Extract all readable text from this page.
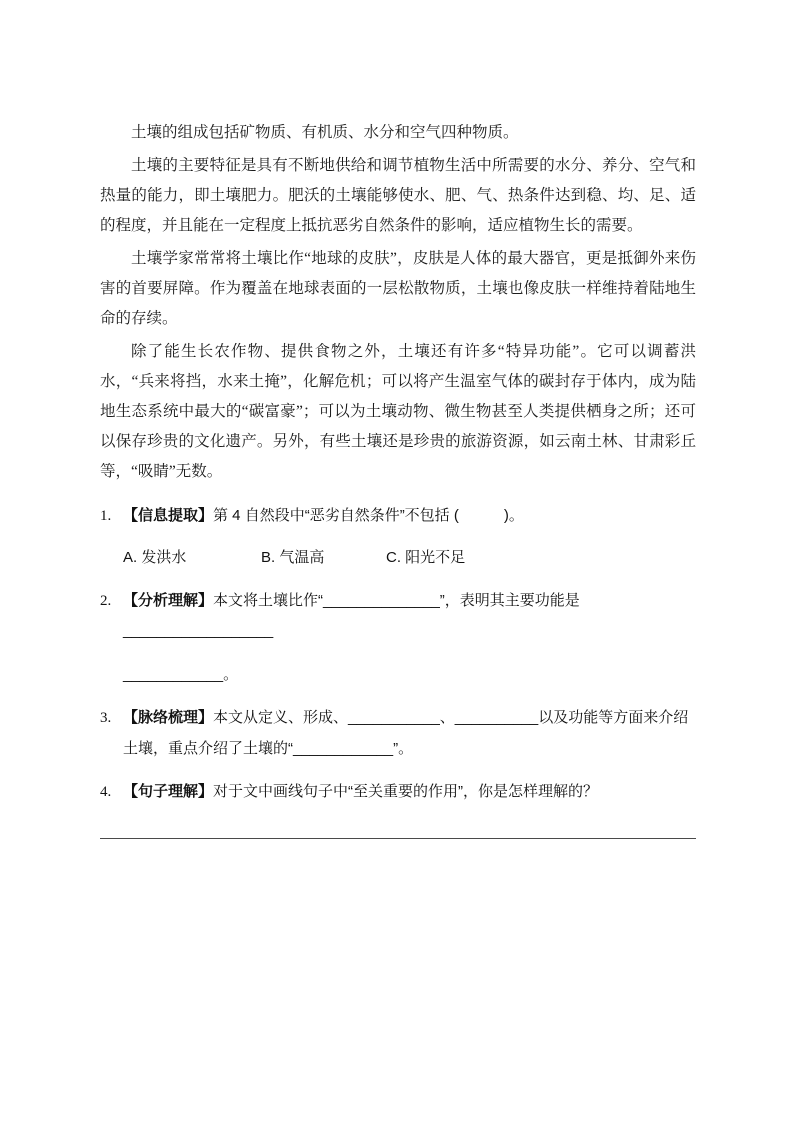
土壤的组成包括矿物质、有机质、水分和空气四种物质。

土壤的主要特征是具有不断地供给和调节植物生活中所需要的水分、养分、空气和热量的能力，即土壤肥力。肥沃的土壤能够使水、肥、气、热条件达到稳、均、足、适的程度，并且能在一定程度上抵抗恶劣自然条件的影响，适应植物生长的需要。

土壤学家常常将土壤比作“地球的皮肤”，皮肤是人体的最大器官，更是抵御外来伤害的首要屏障。作为覆盖在地球表面的一层松散物质，土壤也像皮肤一样维持着陆地生命的存续。

除了能生长农作物、提供食物之外，土壤还有许多“特异功能”。它可以调蓄洪水，“兵来将挡，水来土掩”，化解危机；可以将产生温室气体的碳封存于体内，成为陆地生态系统中最大的“碳富豪”；可以为土壤动物、微生物甚至人类提供栖身之所；还可以保存珍贵的文化遗产。另外，有些土壤还是珍贵的旅游资源，如云南土林、甘肃彩丘等，“吸睛”无数。

1. 【信息提取】第 4 自然段中“恶劣自然条件”不包括 (　　　)。

A. 发洪水	B. 气温高	C. 阳光不足

2. 【分析理解】本文将土壤比作“______________”，表明其主要功能是__________________

____________。

3. 【脉络梳理】本文从定义、形成、___________、__________以及功能等方面来介绍

土壤，重点介绍了土壤的“____________”。

4. 【句子理解】对于文中画线句子中“至关重要的作用”，你是怎样理解的？
